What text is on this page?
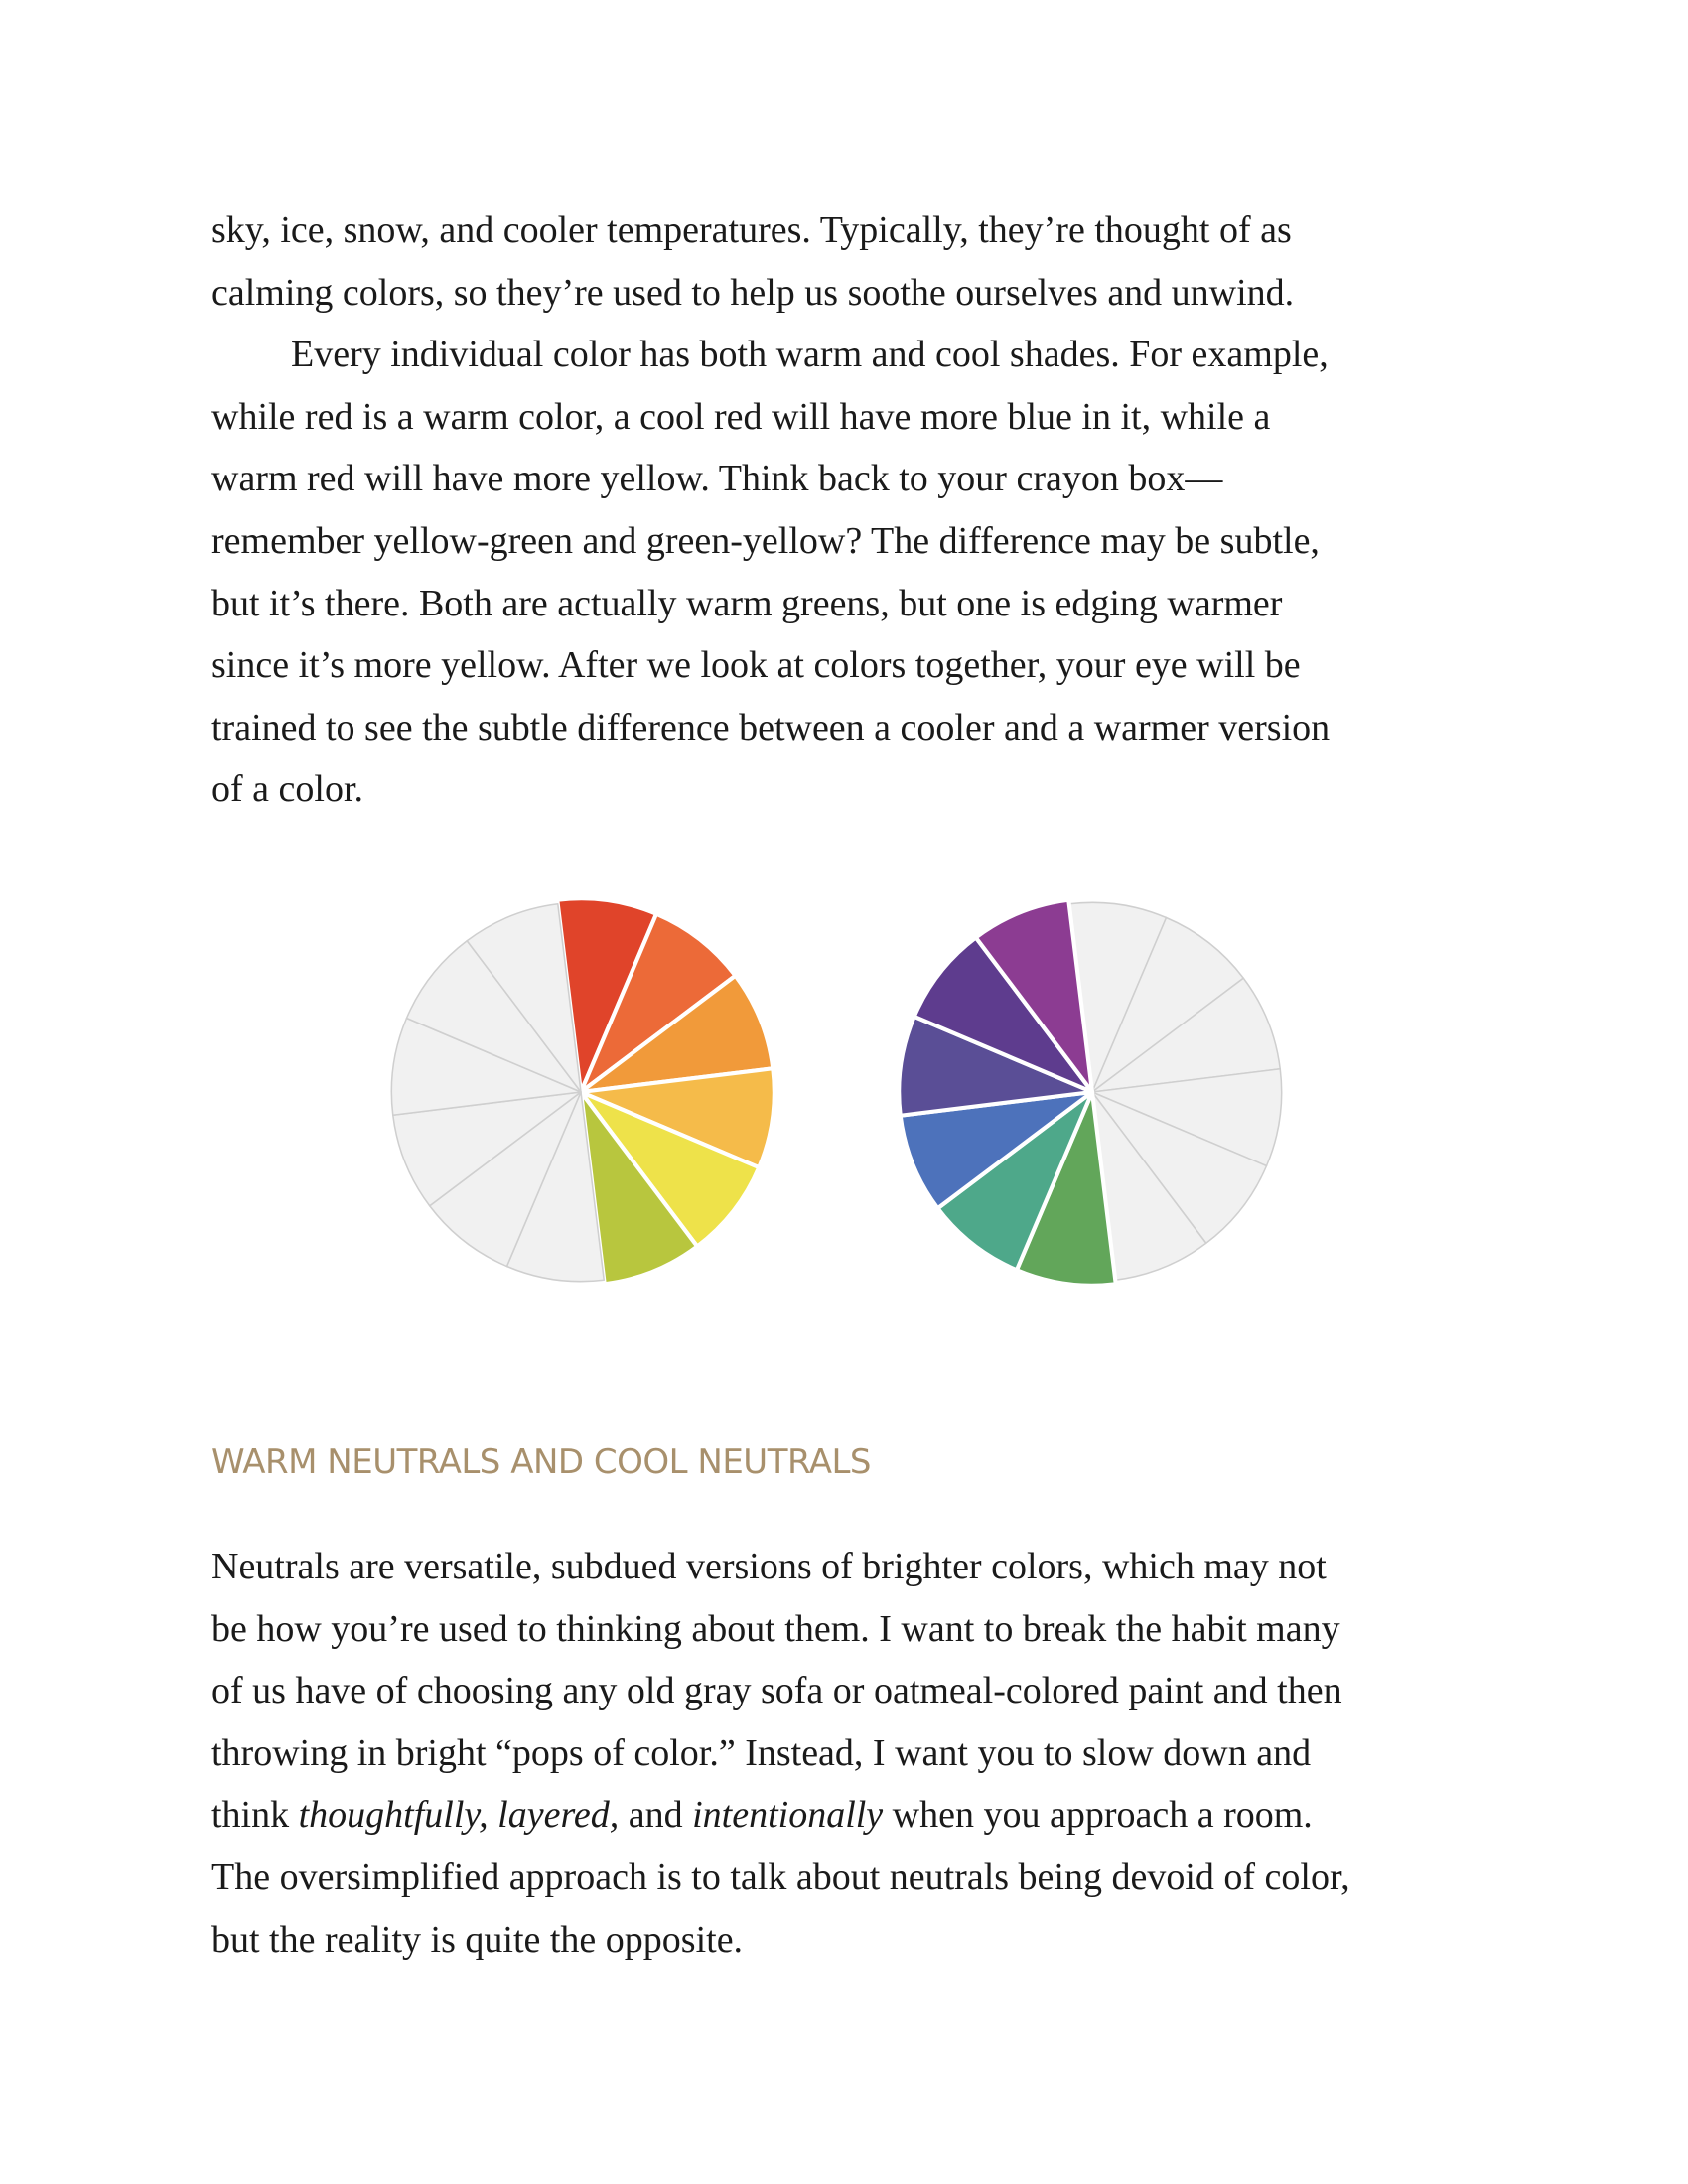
sky, ice, snow, and cooler temperatures. Typically, they’re thought of as
calming colors, so they’re used to help us soothe ourselves and unwind.
Every individual color has both warm and cool shades. For example,
while red is a warm color, a cool red will have more blue in it, while a
warm red will have more yellow. Think back to your crayon box—
remember yellow-green and green-yellow? The difference may be subtle,
but it’s there. Both are actually warm greens, but one is edging warmer
since it’s more yellow. After we look at colors together, your eye will be
trained to see the subtle difference between a cooler and a warmer version
of a color.
WARM NEUTRALS AND COOL NEUTRALS
Neutrals are versatile, subdued versions of brighter colors, which may not
be how you’re used to thinking about them. I want to break the habit many
of us have of choosing any old gray sofa or oatmeal-colored paint and then
throwing in bright “pops of color.” Instead, I want you to slow down and
think thoughtfully, layered, and intentionally when you approach a room.
The oversimplified approach is to talk about neutrals being devoid of color,
but the reality is quite the opposite.
